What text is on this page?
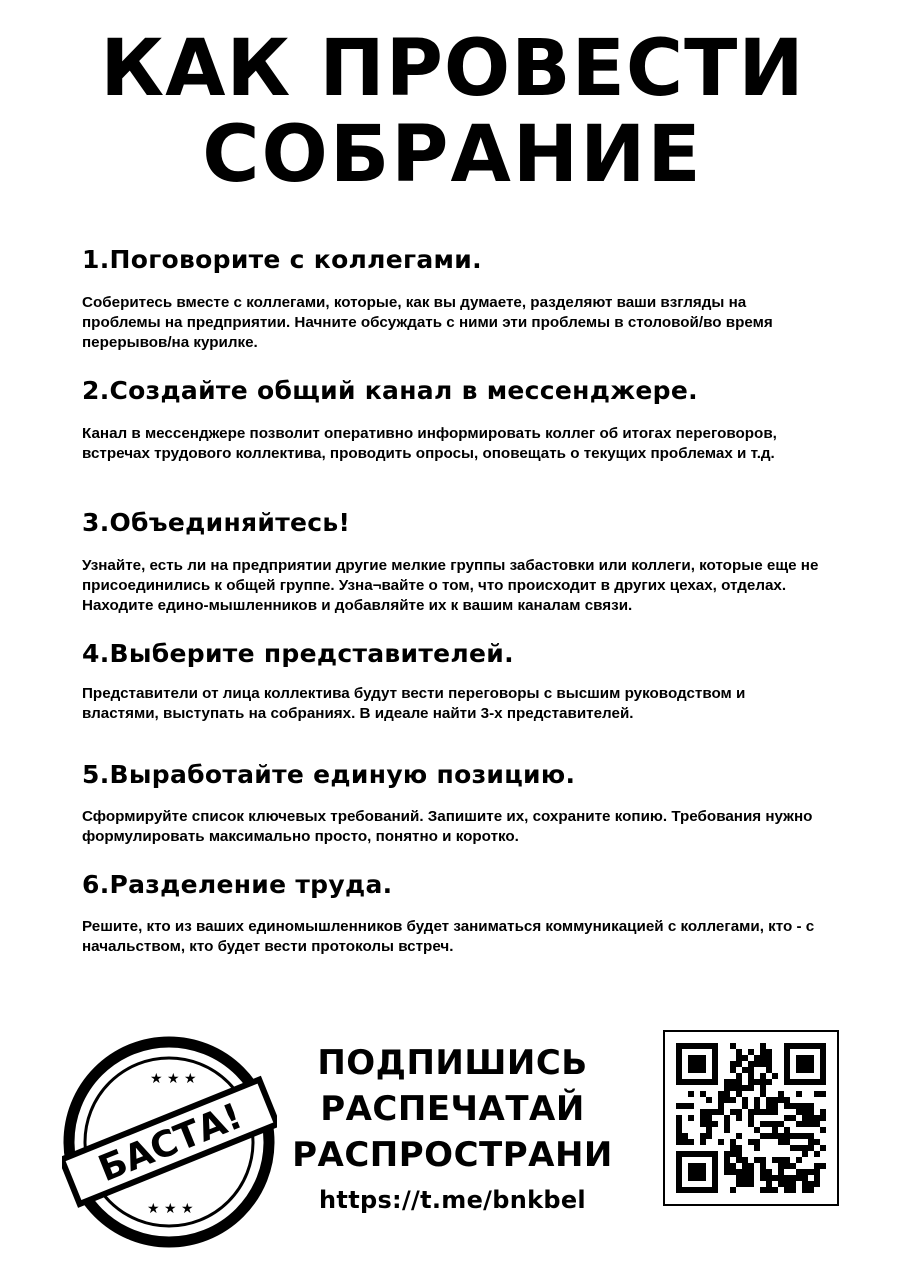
КАК ПРОВЕСТИ
СОБРАНИЕ
1.Поговорите с коллегами.

Соберитесь вместе с коллегами, которые, как вы думаете, разделяют ваши взгляды на проблемы на предприятии. Начните обсуждать с ними эти проблемы в столовой/во время перерывов/на курилке.

2.Создайте общий канал в мессенджере.

Канал в мессенджере позволит оперативно информировать коллег об итогах переговоров, встречах трудового коллектива, проводить опросы, оповещать о текущих проблемах и т.д.

3.Объединяйтесь!

Узнайте, есть ли на предприятии другие мелкие группы забастовки или коллеги, которые еще не присоединились к общей группе. Узна¬вайте о том, что происходит в других цехах, отделах. Находите едино-мышленников и добавляйте их к вашим каналам связи.

4.Выберите представителей.

Представители от лица коллектива будут вести переговоры с высшим руководством и властями, выступать на собраниях. В идеале найти 3-х представителей.

5.Выработайте единую позицию.

Сформируйте список ключевых требований. Запишите их, сохраните копию. Требования нужно формулировать максимально просто, понятно и коротко.

6.Разделение труда.

Решите, кто из ваших единомышленников будет заниматься коммуникацией с коллегами, кто - с начальством, кто будет вести протоколы встреч.

★ ★ ★
★ ★ ★
БАСТА!
ПОДПИШИСЬ
РАСПЕЧАТАЙ
РАСПРОСТРАНИ
https://t.me/bnkbel
